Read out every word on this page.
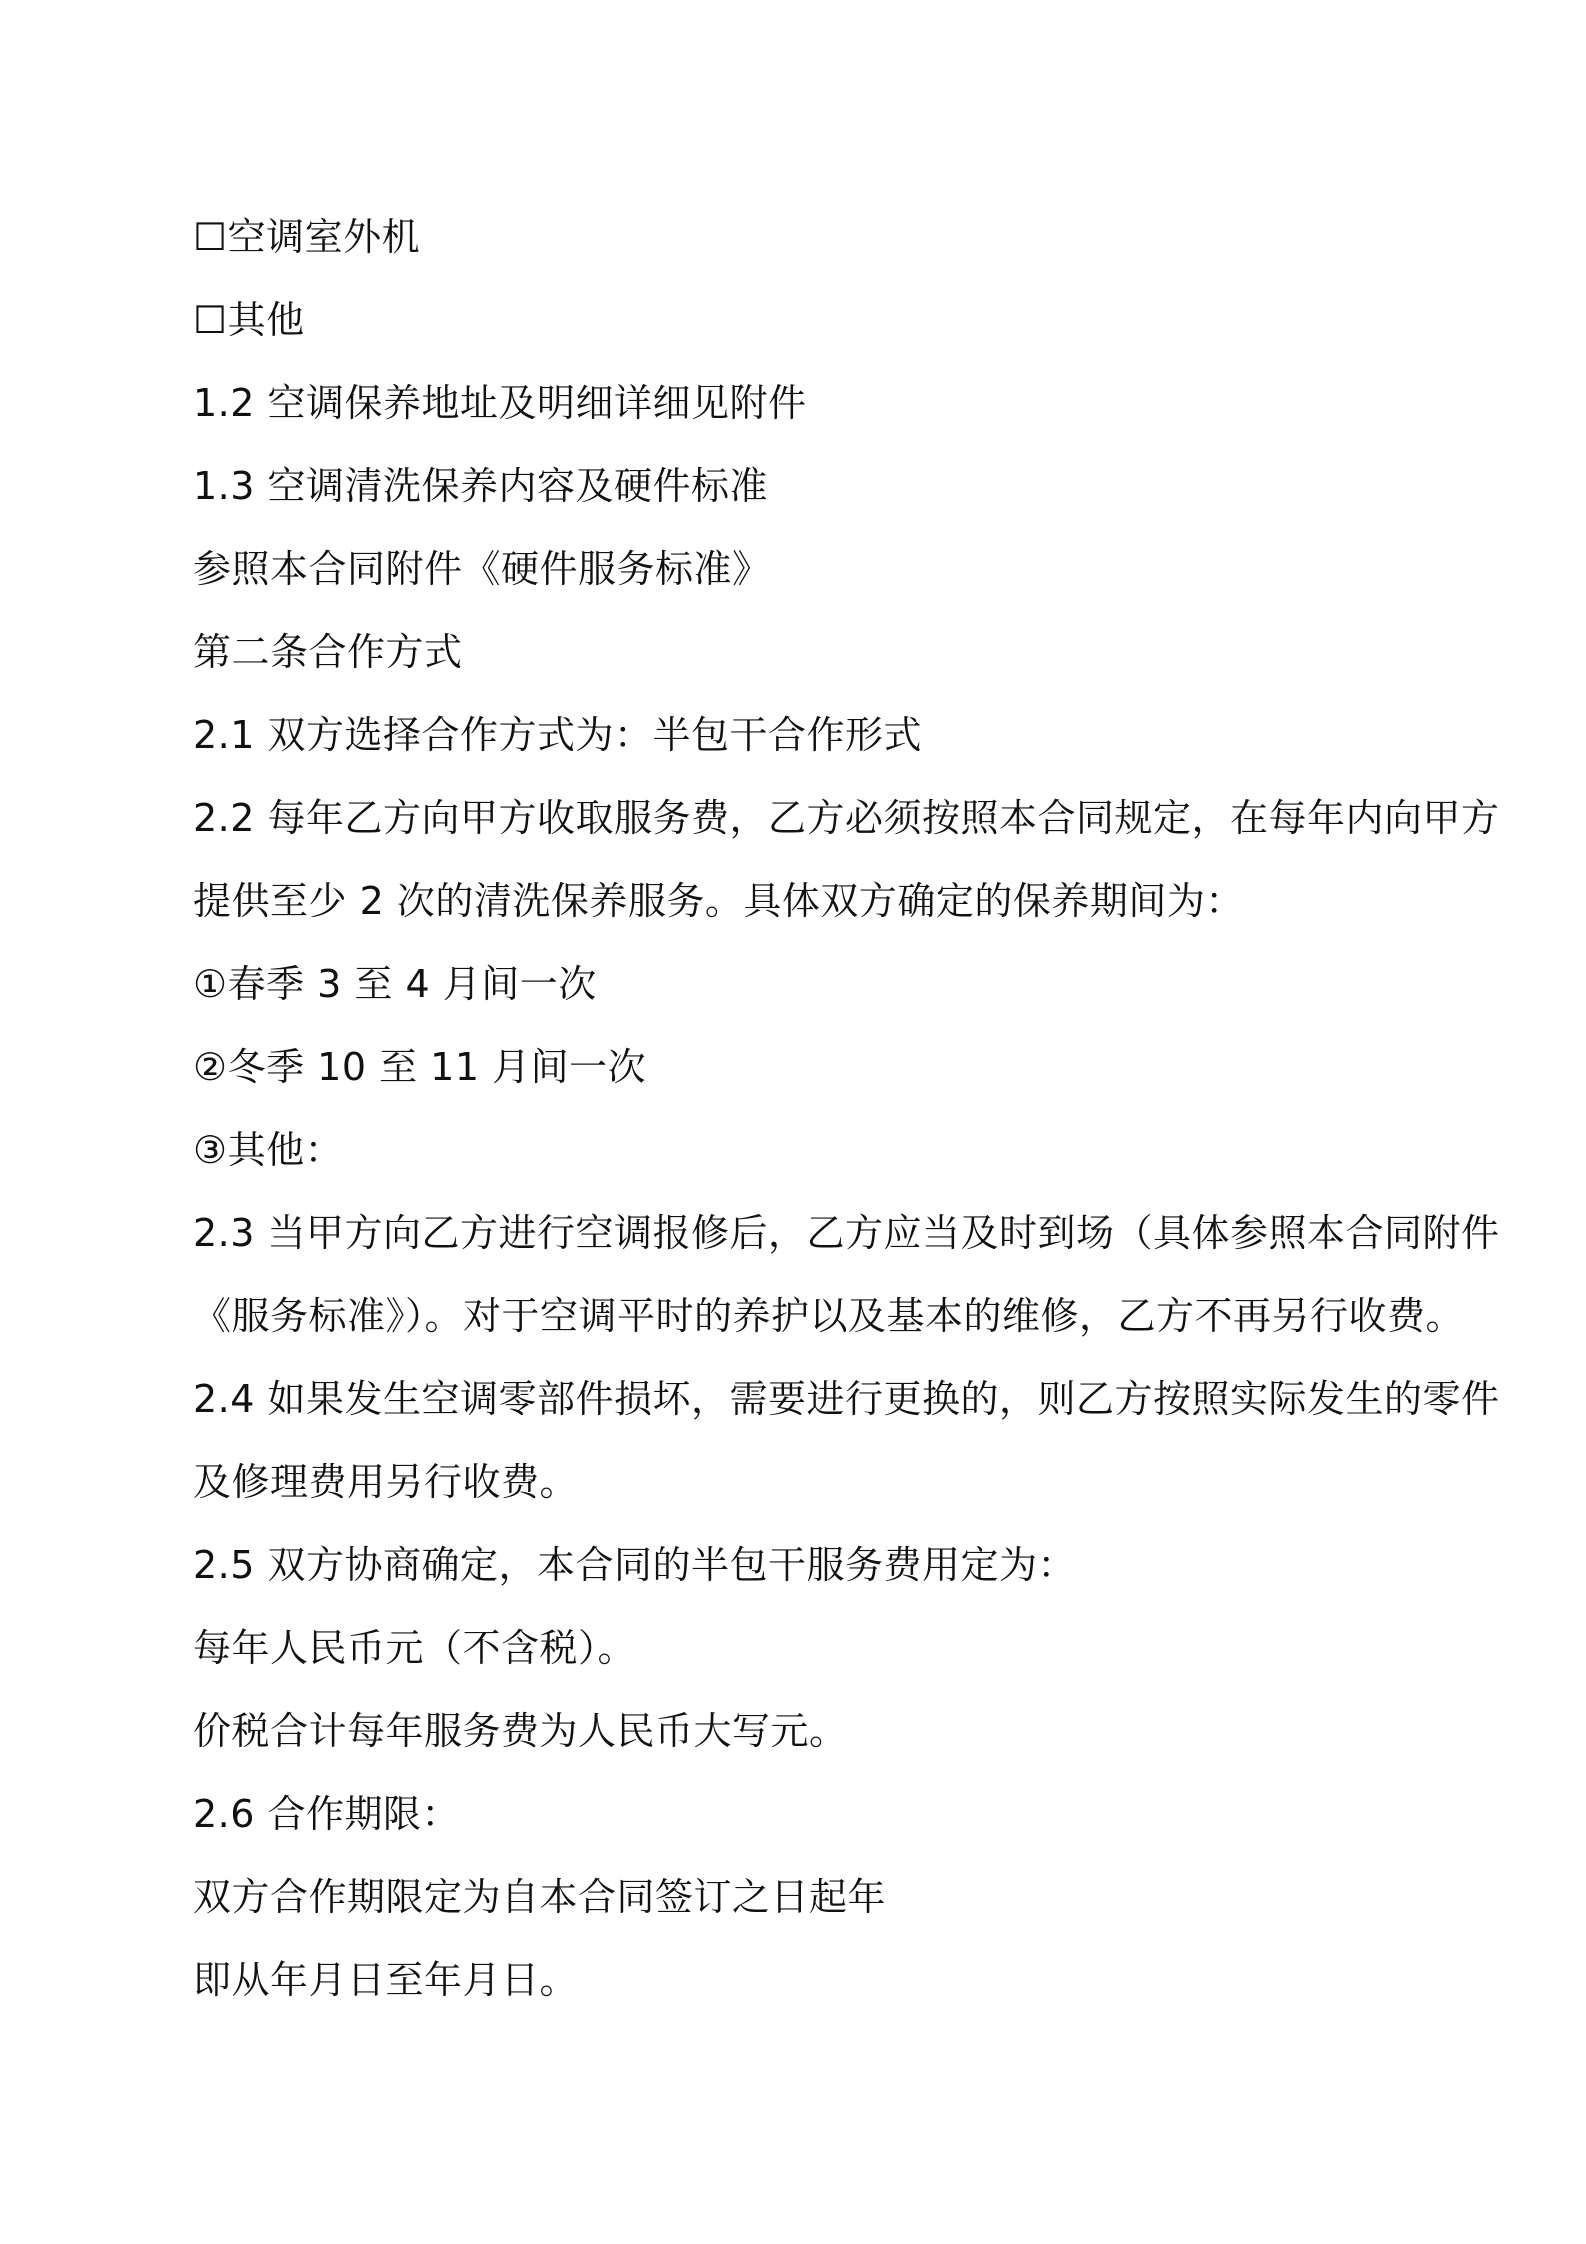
☐空调室外机
☐其他
1.2 空调保养地址及明细详细见附件
1.3 空调清洗保养内容及硬件标准
参照本合同附件《硬件服务标准》
第二条合作方式
2.1 双方选择合作方式为：半包干合作形式
2.2 每年乙方向甲方收取服务费，乙方必须按照本合同规定，在每年内向甲方
提供至少 2 次的清洗保养服务。具体双方确定的保养期间为：
①春季 3 至 4 月间一次
②冬季 10 至 11 月间一次
③其他：
2.3 当甲方向乙方进行空调报修后，乙方应当及时到场（具体参照本合同附件
《服务标准》）。对于空调平时的养护以及基本的维修，乙方不再另行收费。
2.4 如果发生空调零部件损坏，需要进行更换的，则乙方按照实际发生的零件
及修理费用另行收费。
2.5 双方协商确定，本合同的半包干服务费用定为：
每年人民币元（不含税）。
价税合计每年服务费为人民币大写元。
2.6 合作期限：
双方合作期限定为自本合同签订之日起年
即从年月日至年月日。
